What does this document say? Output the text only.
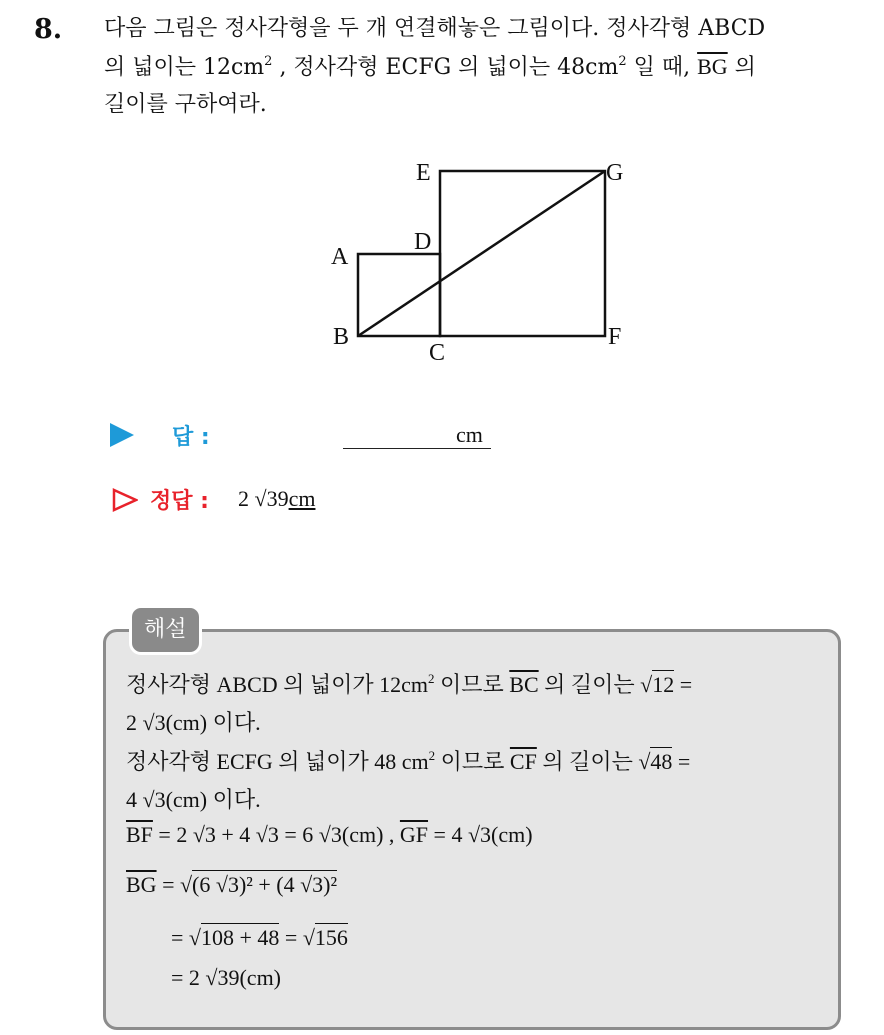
8. 다음 그림은 정사각형을 두 개 연결해놓은 그림이다. 정사각형 ABCD
의 넓이는 $12cm^2$ , 정사각형 ECFG 의 넓이는 $48cm^2$ 일 때, $\overline{BG}$ 의
길이를 구하여라.
A
B
C
D
E
F
G
답 :	cm
정답 : 2 √39cm
해설
정사각형 ABCD 의 넓이가 $12cm^2$ 이므로 $\overline{BC}$ 의 길이는 √12 =
2 √3(cm) 이다.
정사각형 ECFG 의 넓이가 48 $cm^2$ 이므로 $\overline{CF}$ 의 길이는 √48 =
4 √3(cm) 이다.
$\overline{BF} = 2$ √3 + 4 √3 = 6 √3(cm) , $\overline{GF} = 4$ √3(cm)
$\overline{BG} = √(6$ √3)² + (4 √3)²
= √108 + 48 = √156
= 2 √39(cm)
